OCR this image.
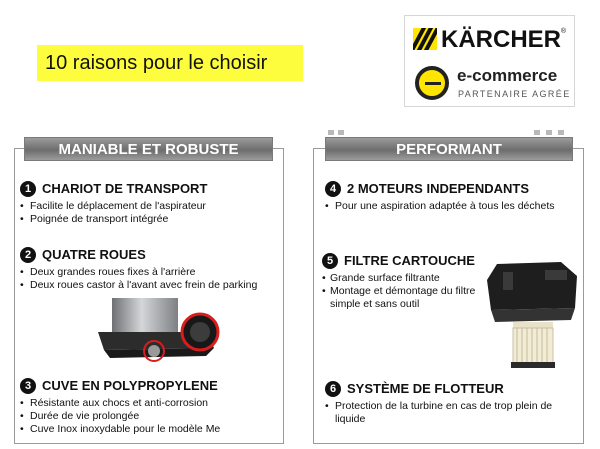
10 raisons pour le choisir
KÄRCHER ®
e-commerce
PARTENAIRE AGRÉE
MANIABLE ET ROBUSTE
1 CHARIOT DE TRANSPORT
• Facilite le déplacement de l'aspirateur
• Poignée de transport intégrée
2 QUATRE ROUES
• Deux grandes roues fixes à l'arrière
• Deux roues castor à l'avant avec frein de parking
3 CUVE EN POLYPROPYLENE
• Résistante aux chocs et anti-corrosion
• Durée de vie prolongée
• Cuve Inox inoxydable pour le modèle Me
PERFORMANT
4 2 MOTEURS INDEPENDANTS
• Pour une aspiration adaptée à tous les déchets
5 FILTRE CARTOUCHE
• Grande surface filtrante
• Montage et démontage du filtre simple et sans outil
6 SYSTÈME DE FLOTTEUR
• Protection de la turbine en cas de trop plein de liquide
